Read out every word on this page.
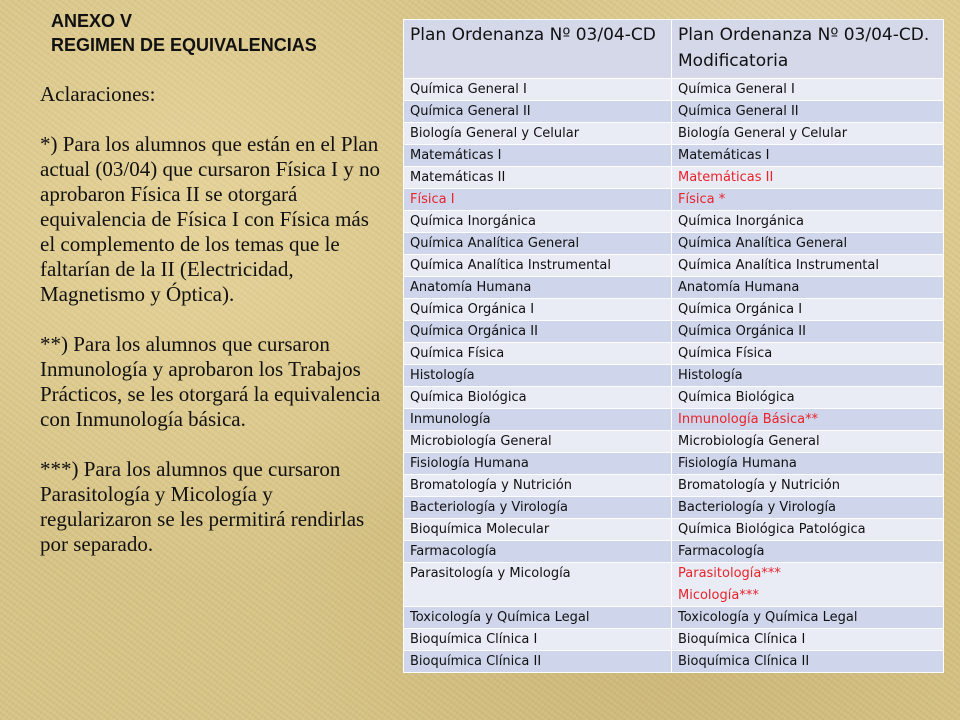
ANEXO V
REGIMEN DE EQUIVALENCIAS

Aclaraciones:

*) Para los alumnos que están en el Plan actual (03/04) que cursaron Física I y no aprobaron Física II se otorgará equivalencia de Física I con Física más el complemento de los temas que le faltarían de la II (Electricidad, Magnetismo y Óptica).

**) Para los alumnos que cursaron Inmunología y aprobaron los Trabajos Prácticos, se les otorgará la equivalencia con Inmunología básica.

***) Para los alumnos que cursaron Parasitología y Micología y regularizaron se les permitirá rendirlas por separado.

Plan Ordenanza Nº 03/04-CD	Plan Ordenanza Nº 03/04-CD. Modificatoria
Química General I	Química General I
Química General II	Química General II
Biología General y Celular	Biología General y Celular
Matemáticas I	Matemáticas I
Matemáticas II	Matemáticas II
Física I	Física *
Química Inorgánica	Química Inorgánica
Química Analítica General	Química Analítica General
Química Analítica Instrumental	Química Analítica Instrumental
Anatomía Humana	Anatomía Humana
Química Orgánica I	Química Orgánica I
Química Orgánica II	Química Orgánica II
Química Física	Química Física
Histología	Histología
Química Biológica	Química Biológica
Inmunología	Inmunología Básica**
Microbiología General	Microbiología General
Fisiología Humana	Fisiología Humana
Bromatología y Nutrición	Bromatología y Nutrición
Bacteriología y Virología	Bacteriología y Virología
Bioquímica Molecular	Química Biológica Patológica
Farmacología	Farmacología
Parasitología y Micología	Parasitología***
Micología***

Toxicología y Química Legal	Toxicología y Química Legal
Bioquímica Clínica I	Bioquímica Clínica I
Bioquímica Clínica II	Bioquímica Clínica II
